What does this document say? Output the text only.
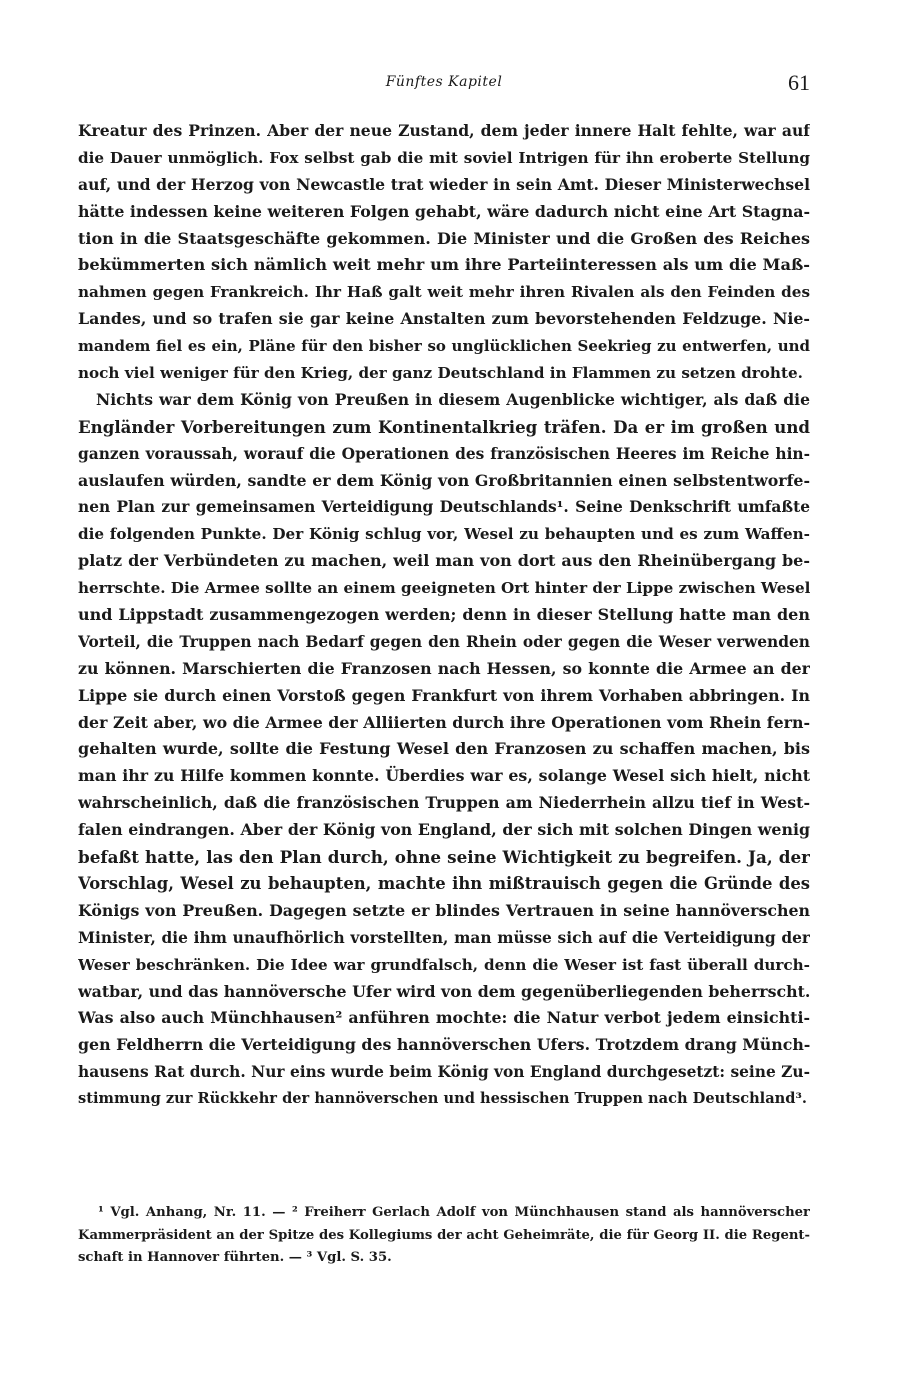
Fünftes Kapitel	61
Kreatur des Prinzen. Aber der neue Zustand, dem jeder innere Halt fehlte, war auf
die Dauer unmöglich. Fox selbst gab die mit soviel Intrigen für ihn eroberte Stellung
auf, und der Herzog von Newcastle trat wieder in sein Amt. Dieser Ministerwechsel
hätte indessen keine weiteren Folgen gehabt, wäre dadurch nicht eine Art Stagna-
tion in die Staatsgeschäfte gekommen. Die Minister und die Großen des Reiches
bekümmerten sich nämlich weit mehr um ihre Parteiinteressen als um die Maß-
nahmen gegen Frankreich. Ihr Haß galt weit mehr ihren Rivalen als den Feinden des
Landes, und so trafen sie gar keine Anstalten zum bevorstehenden Feldzuge. Nie-
mandem fiel es ein, Pläne für den bisher so unglücklichen Seekrieg zu entwerfen, und
noch viel weniger für den Krieg, der ganz Deutschland in Flammen zu setzen drohte.
Nichts war dem König von Preußen in diesem Augenblicke wichtiger, als daß die
Engländer Vorbereitungen zum Kontinentalkrieg träfen. Da er im großen und
ganzen voraussah, worauf die Operationen des französischen Heeres im Reiche hin-
auslaufen würden, sandte er dem König von Großbritannien einen selbstentworfe-
nen Plan zur gemeinsamen Verteidigung Deutschlands¹. Seine Denkschrift umfaßte
die folgenden Punkte. Der König schlug vor, Wesel zu behaupten und es zum Waffen-
platz der Verbündeten zu machen, weil man von dort aus den Rheinübergang be-
herrschte. Die Armee sollte an einem geeigneten Ort hinter der Lippe zwischen Wesel
und Lippstadt zusammengezogen werden; denn in dieser Stellung hatte man den
Vorteil, die Truppen nach Bedarf gegen den Rhein oder gegen die Weser verwenden
zu können. Marschierten die Franzosen nach Hessen, so konnte die Armee an der
Lippe sie durch einen Vorstoß gegen Frankfurt von ihrem Vorhaben abbringen. In
der Zeit aber, wo die Armee der Alliierten durch ihre Operationen vom Rhein fern-
gehalten wurde, sollte die Festung Wesel den Franzosen zu schaffen machen, bis
man ihr zu Hilfe kommen konnte. Überdies war es, solange Wesel sich hielt, nicht
wahrscheinlich, daß die französischen Truppen am Niederrhein allzu tief in West-
falen eindrangen. Aber der König von England, der sich mit solchen Dingen wenig
befaßt hatte, las den Plan durch, ohne seine Wichtigkeit zu begreifen. Ja, der
Vorschlag, Wesel zu behaupten, machte ihn mißtrauisch gegen die Gründe des
Königs von Preußen. Dagegen setzte er blindes Vertrauen in seine hannöverschen
Minister, die ihm unaufhörlich vorstellten, man müsse sich auf die Verteidigung der
Weser beschränken. Die Idee war grundfalsch, denn die Weser ist fast überall durch-
watbar, und das hannöversche Ufer wird von dem gegenüberliegenden beherrscht.
Was also auch Münchhausen² anführen mochte: die Natur verbot jedem einsichti-
gen Feldherrn die Verteidigung des hannöverschen Ufers. Trotzdem drang Münch-
hausens Rat durch. Nur eins wurde beim König von England durchgesetzt: seine Zu-
stimmung zur Rückkehr der hannöverschen und hessischen Truppen nach Deutschland³.
¹ Vgl. Anhang, Nr. 11. — ² Freiherr Gerlach Adolf von Münchhausen stand als hannöverscher
Kammerpräsident an der Spitze des Kollegiums der acht Geheimräte, die für Georg II. die Regent-
schaft in Hannover führten. — ³ Vgl. S. 35.
